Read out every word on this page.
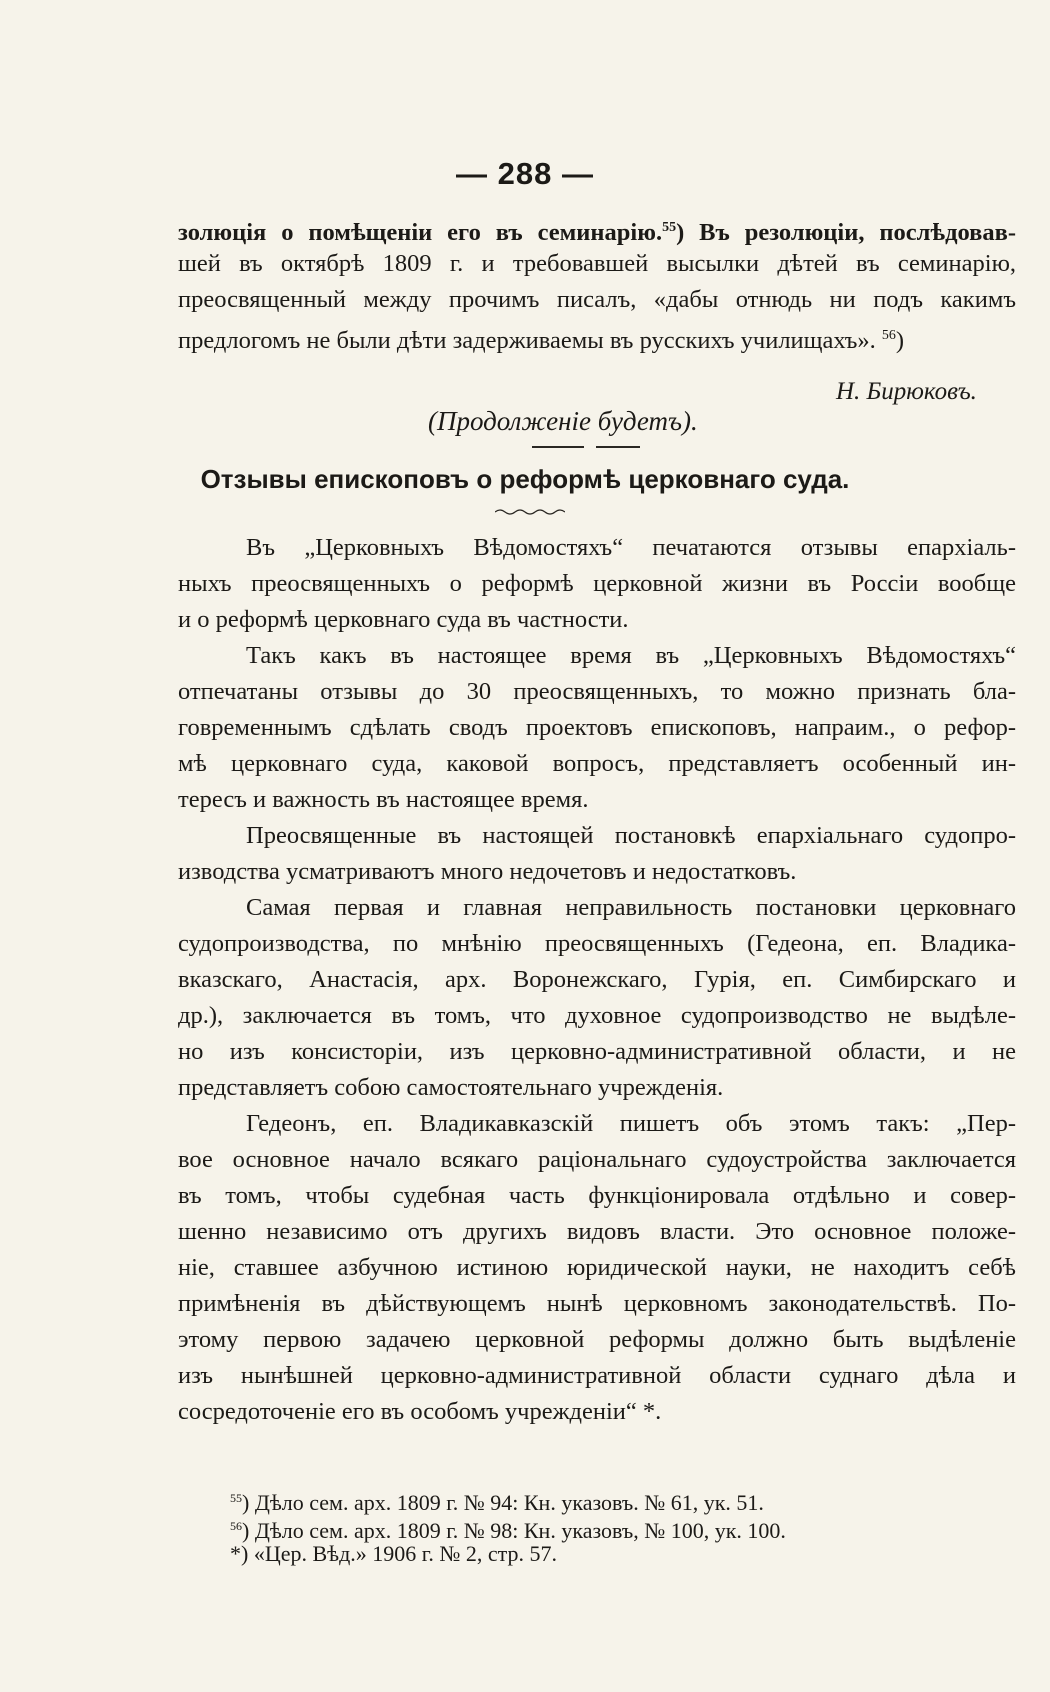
— 288 —
золюція о помѣщеніи его въ семинарію.$^{55}$) Въ резолюціи, послѣдовав-
шей въ октябрѣ 1809 г. и требовавшей высылки дѣтей въ семинарію,
преосвященный между прочимъ писалъ, «дабы отнюдь ни подъ какимъ
предлогомъ не были дѣти задерживаемы въ русскихъ училищахъ». $^{56}$)
Н. Бирюковъ.
(Продолженіе будетъ).
Отзывы епископовъ о реформѣ церковнаго суда.
Въ „Церковныхъ Вѣдомостяхъ“ печатаются отзывы епархіаль-
ныхъ преосвященныхъ о реформѣ церковной жизни въ Россіи вообще
и о реформѣ церковнаго суда въ частности.
Такъ какъ въ настоящее время въ „Церковныхъ Вѣдомостяхъ“
отпечатаны отзывы до 30 преосвященныхъ, то можно признать бла-
говременнымъ сдѣлать сводъ проектовъ епископовъ, напрaим., о рефор-
мѣ церковнаго суда, каковой вопросъ, представляетъ особенный ин-
тересъ и важность въ настоящее время.
Преосвященные въ настоящей постановкѣ епархіальнаго судопро-
изводства усматриваютъ много недочетовъ и недостатковъ.
Самая первая и главная неправильность постановки церковнаго
судопроизводства, по мнѣнію преосвященныхъ (Гедеона, еп. Владика-
вказскаго, Анастасія, арх. Воронежскаго, Гурія, еп. Симбирскаго и
др.), заключается въ томъ, что духовное судопроизводство не выдѣле-
но изъ консисторіи, изъ церковно-административной области, и не
представляетъ собою самостоятельнаго учрежденія.
Гедеонъ, еп. Владикавказскій пишетъ объ этомъ такъ: „Пер-
вое основное начало всякаго раціональнаго судоустройства заключается
въ томъ, чтобы судебная часть функціонировала отдѣльно и совер-
шенно независимо отъ другихъ видовъ власти. Это основное положе-
ніе, ставшее азбучною истиною юридической науки, не находитъ себѣ
примѣненія въ дѣйствующемъ нынѣ церковномъ законодательствѣ. По-
этому первою задачею церковной реформы должно быть выдѣленіе
изъ нынѣшней церковно-административной области суднаго дѣла и
сосредоточеніе его въ особомъ учрежденіи“ *.
$^{55}$) Дѣло сем. арх. 1809 г. № 94: Кн. указовъ. № 61, ук. 51.
$^{56}$) Дѣло сем. арх. 1809 г. № 98: Кн. указовъ, № 100, ук. 100.
*) «Цер. Вѣд.» 1906 г. № 2, стр. 57.
